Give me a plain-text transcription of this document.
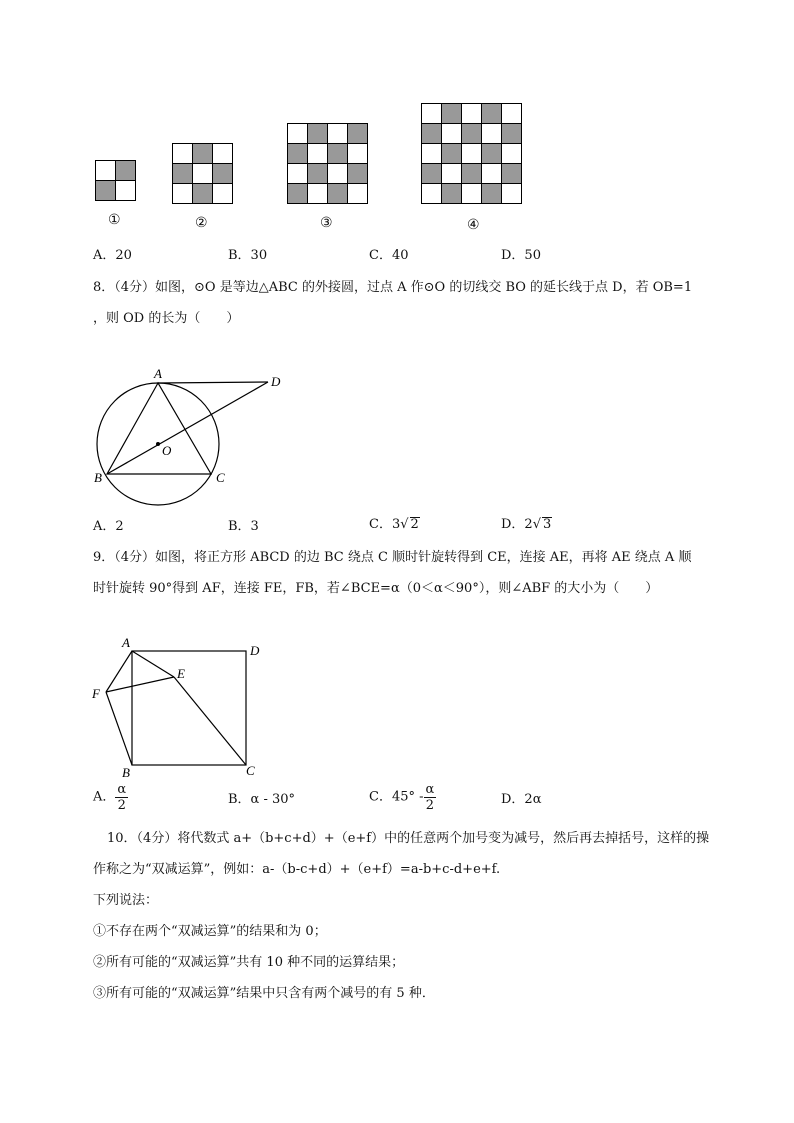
①	②	③	④
A．20	B．30	C．40	D．50
8．（4分）如图，⊙O 是等边△ABC 的外接圆，过点 A 作⊙O 的切线交 BO 的延长线于点 D，若 OB=1
，则 OD 的长为（　　）
A
D
O
B	C
A．2	B．3	C．3√ 2	D．2√ 3
9．（4分）如图，将正方形 ABCD 的边 BC 绕点 C 顺时针旋转得到 CE，连接 AE，再将 AE 绕点 A 顺
时针旋转 90°得到 AF，连接 FE，FB，若∠BCE=α（0＜α＜90°），则∠ABF 的大小为（　　）
A
D
E
F
B	C
A． $\frac{\alpha}{2}$	B．α - 30°	C．$45^\circ - \frac{\alpha}{2}$	D．2α
10．（4分）将代数式 a+（b+c+d）+（e+f）中的任意两个加号变为减号，然后再去掉括号，这样的操
作称之为“双减运算”，例如：a-（b-c+d）+（e+f）=a-b+c-d+e+f.
下列说法：
①不存在两个“双减运算”的结果和为 0；
②所有可能的“双减运算”共有 10 种不同的运算结果；
③所有可能的“双减运算”结果中只含有两个减号的有 5 种．
